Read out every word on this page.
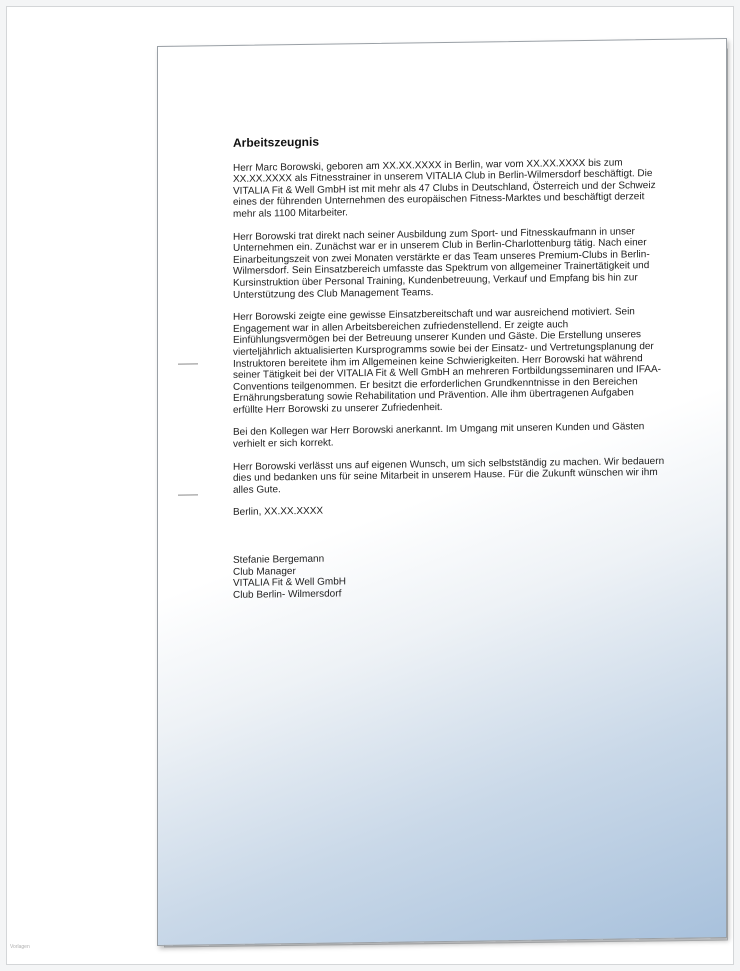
Arbeitszeugnis

Herr Marc Borowski, geboren am XX.XX.XXXX in Berlin, war vom XX.XX.XXXX bis zum XX.XX.XXXX als Fitnesstrainer in unserem VITALIA Club in Berlin-Wilmersdorf beschäftigt. Die VITALIA Fit & Well GmbH ist mit mehr als 47 Clubs in Deutschland, Österreich und der Schweiz eines der führenden Unternehmen des europäischen Fitness-Marktes und beschäftigt derzeit mehr als 1100 Mitarbeiter.

Herr Borowski trat direkt nach seiner Ausbildung zum Sport- und Fitnesskaufmann in unser Unternehmen ein. Zunächst war er in unserem Club in Berlin-Charlottenburg tätig. Nach einer Einarbeitungszeit von zwei Monaten verstärkte er das Team unseres Premium-Clubs in Berlin-Wilmersdorf. Sein Einsatzbereich umfasste das Spektrum von allgemeiner Trainertätigkeit und Kursinstruktion über Personal Training, Kundenbetreuung, Verkauf und Empfang bis hin zur Unterstützung des Club Management Teams.

Herr Borowski zeigte eine gewisse Einsatzbereitschaft und war ausreichend motiviert. Sein Engagement war in allen Arbeitsbereichen zufriedenstellend. Er zeigte auch Einfühlungsvermögen bei der Betreuung unserer Kunden und Gäste. Die Erstellung unseres vierteljährlich aktualisierten Kursprogramms sowie bei der Einsatz- und Vertretungsplanung der Instruktoren bereitete ihm im Allgemeinen keine Schwierigkeiten. Herr Borowski hat während seiner Tätigkeit bei der VITALIA Fit & Well GmbH an mehreren Fortbildungsseminaren und IFAA-Conventions teilgenommen. Er besitzt die erforderlichen Grundkenntnisse in den Bereichen Ernährungsberatung sowie Rehabilitation und Prävention. Alle ihm übertragenen Aufgaben erfüllte Herr Borowski zu unserer Zufriedenheit.

Bei den Kollegen war Herr Borowski anerkannt. Im Umgang mit unseren Kunden und Gästen verhielt er sich korrekt.

Herr Borowski verlässt uns auf eigenen Wunsch, um sich selbstständig zu machen. Wir bedauern dies und bedanken uns für seine Mitarbeit in unserem Hause. Für die Zukunft wünschen wir ihm alles Gute.

Berlin, XX.XX.XXXX

Stefanie Bergemann
Club Manager
VITALIA Fit & Well GmbH
Club Berlin- Wilmersdorf
Vorlagen
